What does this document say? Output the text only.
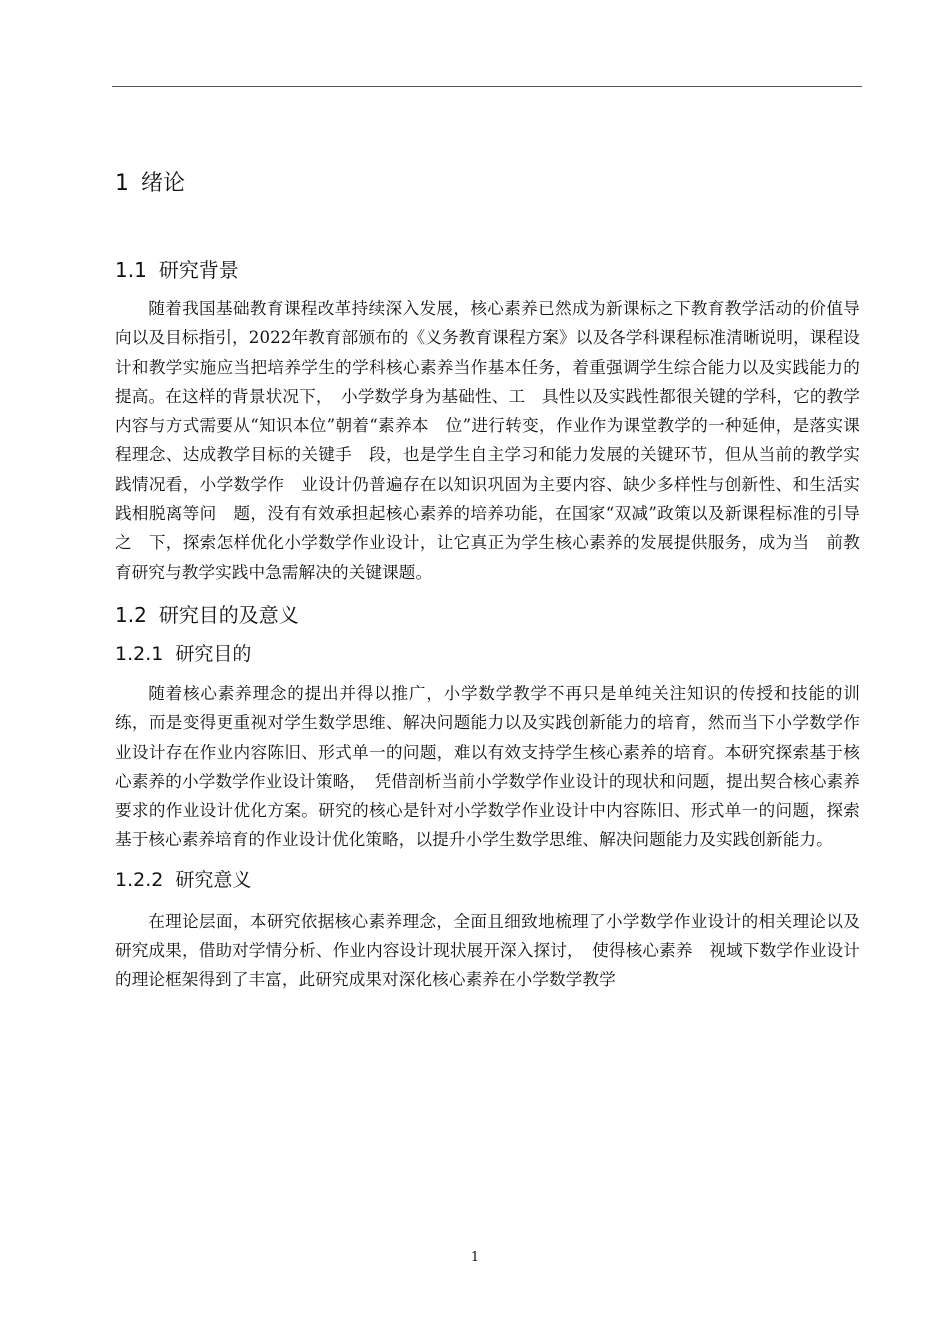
1 绪论
1.1 研究背景

随着我国基础教育课程改革持续深入发展，核心素养已然成为新课标之下教育教学活动的价值导向以及目标指引，2022年教育部颁布的《义务教育课程方案》以及各学科课程标准清晰说明，课程设计和教学实施应当把培养学生的学科核心素养当作基本任务，着重强调学生综合能力以及实践能力的提高。在这样的背景状况下，　小学数学身为基础性、工　具性以及实践性都很关键的学科，它的教学内容与方式需要从“知识本位”朝着“素养本　位”进行转变，作业作为课堂教学的一种延伸，是落实课程理念、达成教学目标的关键手　段，也是学生自主学习和能力发展的关键环节，但从当前的教学实践情况看，小学数学作　业设计仍普遍存在以知识巩固为主要内容、缺少多样性与创新性、和生活实践相脱离等问　题，没有有效承担起核心素养的培养功能，在国家“双减”政策以及新课程标准的引导之　下，探索怎样优化小学数学作业设计，让它真正为学生核心素养的发展提供服务，成为当　前教育研究与教学实践中急需解决的关键课题。

1.2 研究目的及意义
1.2.1 研究目的

随着核心素养理念的提出并得以推广，小学数学教学不再只是单纯关注知识的传授和技能的训练，而是变得更重视对学生数学思维、解决问题能力以及实践创新能力的培育，然而当下小学数学作业设计存在作业内容陈旧、形式单一的问题，难以有效支持学生核心素养的培育。本研究探索基于核心素养的小学数学作业设计策略，　凭借剖析当前小学数学作业设计的现状和问题，提出契合核心素养要求的作业设计优化方案。研究的核心是针对小学数学作业设计中内容陈旧、形式单一的问题，探索基于核心素养培育的作业设计优化策略，以提升小学生数学思维、解决问题能力及实践创新能力。

1.2.2 研究意义

在理论层面，本研究依据核心素养理念，全面且细致地梳理了小学数学作业设计的相关理论以及研究成果，借助对学情分析、作业内容设计现状展开深入探讨，　使得核心素养　视域下数学作业设计的理论框架得到了丰富，此研究成果对深化核心素养在小学数学教学

1
